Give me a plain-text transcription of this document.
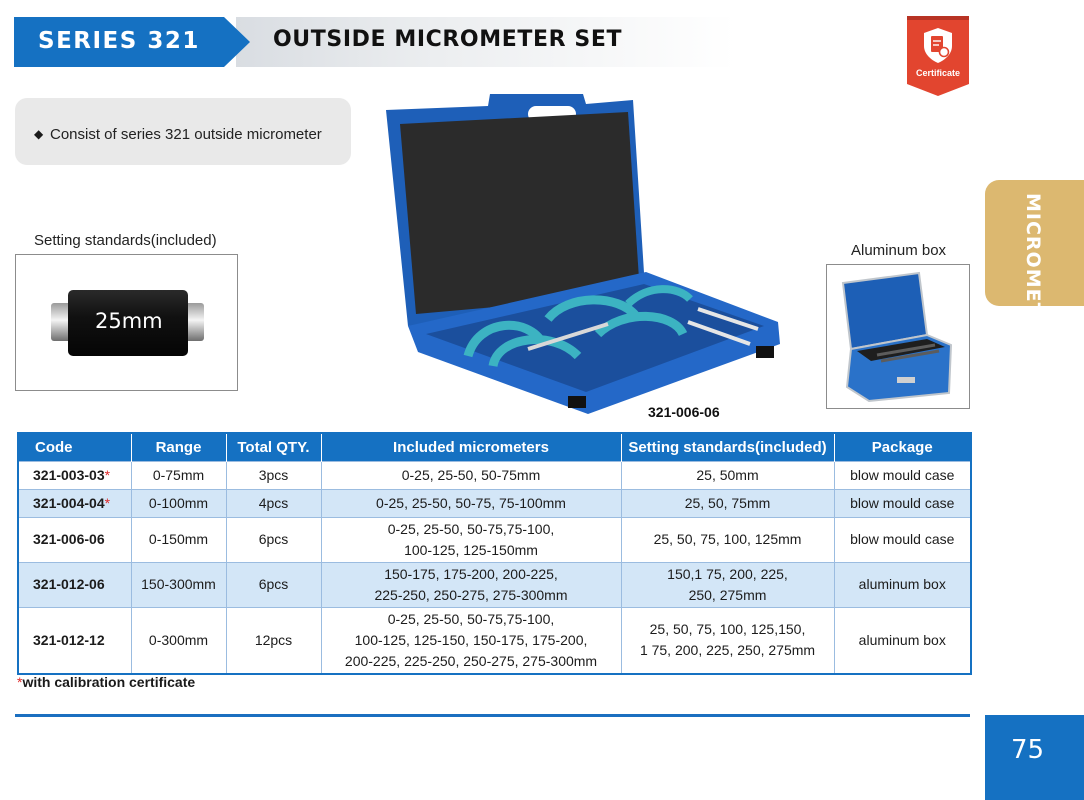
SERIES 321	OUTSIDE MICROMETER SET
Certificate
MICROMETER
◆ Consist of series 321 outside micrometer
Setting standards(included)
25mm
321-006-06
Aluminum box
Code	Range	Total QTY.	Included micrometers	Setting standards(included)	Package
321-003-03*	0-75mm	3pcs	0-25, 25-50, 50-75mm	25, 50mm	blow mould case
321-004-04*	0-100mm	4pcs	0-25, 25-50, 50-75, 75-100mm	25, 50, 75mm	blow mould case
321-006-06	0-150mm	6pcs	0-25, 25-50, 50-75,75-100,
100-125, 125-150mm	25, 50, 75, 100, 125mm	blow mould case
321-012-06	150-300mm	6pcs	150-175, 175-200, 200-225,
225-250, 250-275, 275-300mm	150,1 75, 200, 225,
250, 275mm	aluminum box
321-012-12	0-300mm	12pcs	0-25, 25-50, 50-75,75-100,
100-125, 125-150, 150-175, 175-200,
200-225, 225-250, 250-275, 275-300mm	25, 50, 75, 100, 125,150,
1 75, 200, 225, 250, 275mm	aluminum box
*with calibration certificate
75
